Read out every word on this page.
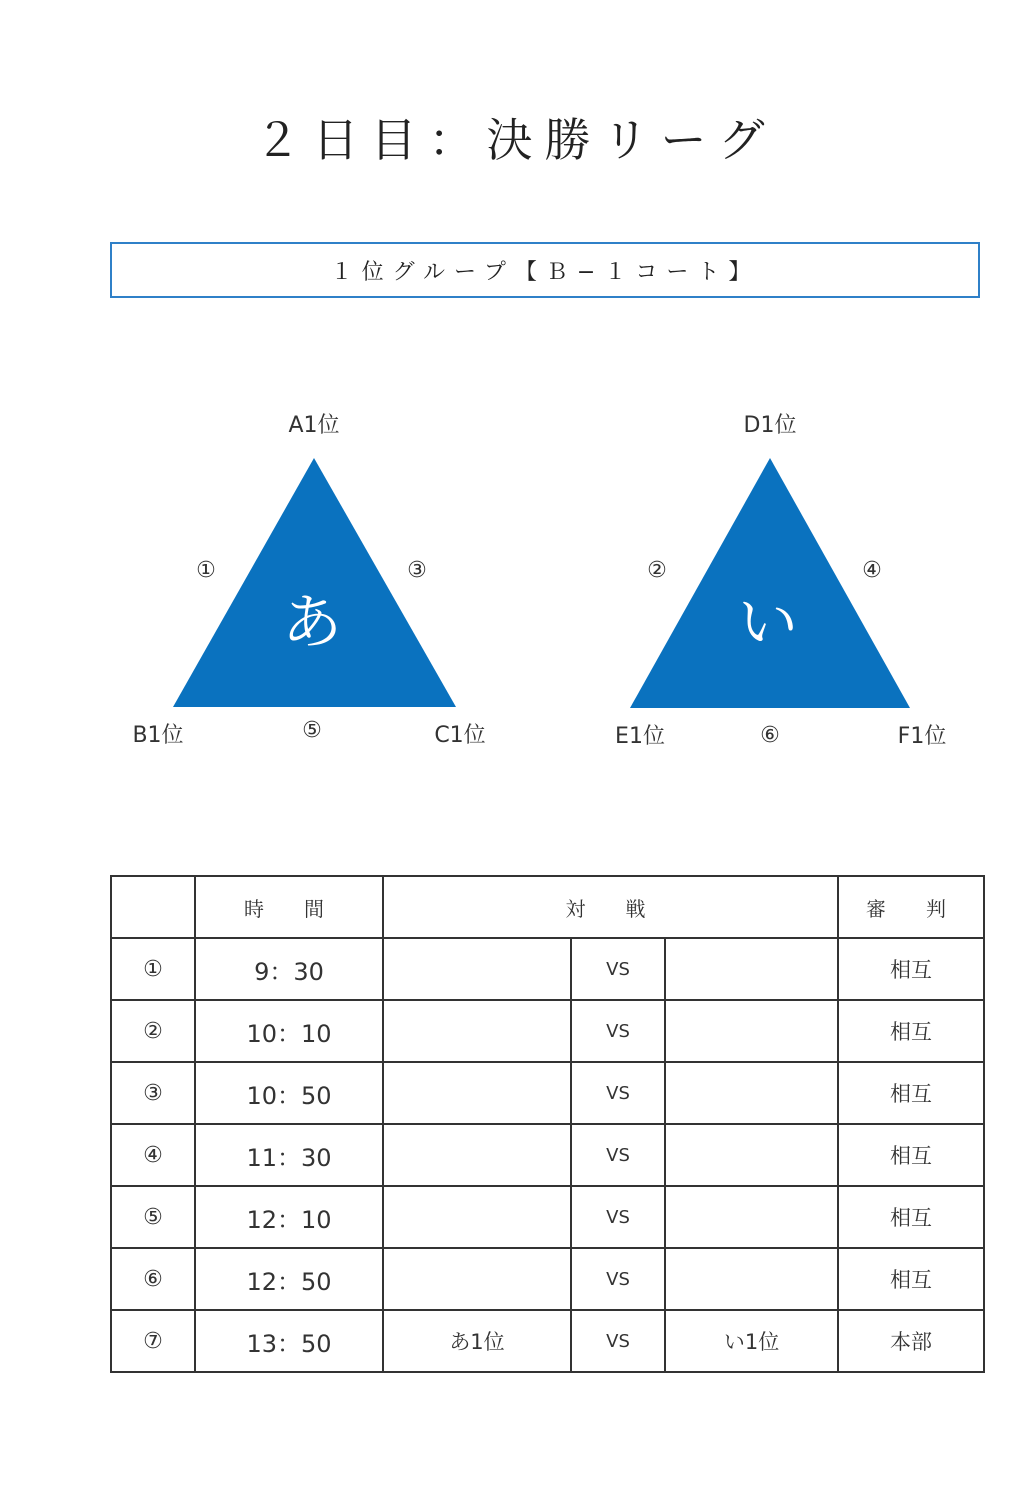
２日目：決勝リーグ
１位グループ【Ｂ−１コート】
あ
A1位
B1位	C1位
①	③
⑤
い
D1位
E1位	F1位
②	④
⑥
	時　間	対　戦			審　判
①	9：30		VS		相互
②	10：10		VS		相互
③	10：50		VS		相互
④	11：30		VS		相互
⑤	12：10		VS		相互
⑥	12：50		VS		相互
⑦	13：50	あ1位	VS	い1位	本部
